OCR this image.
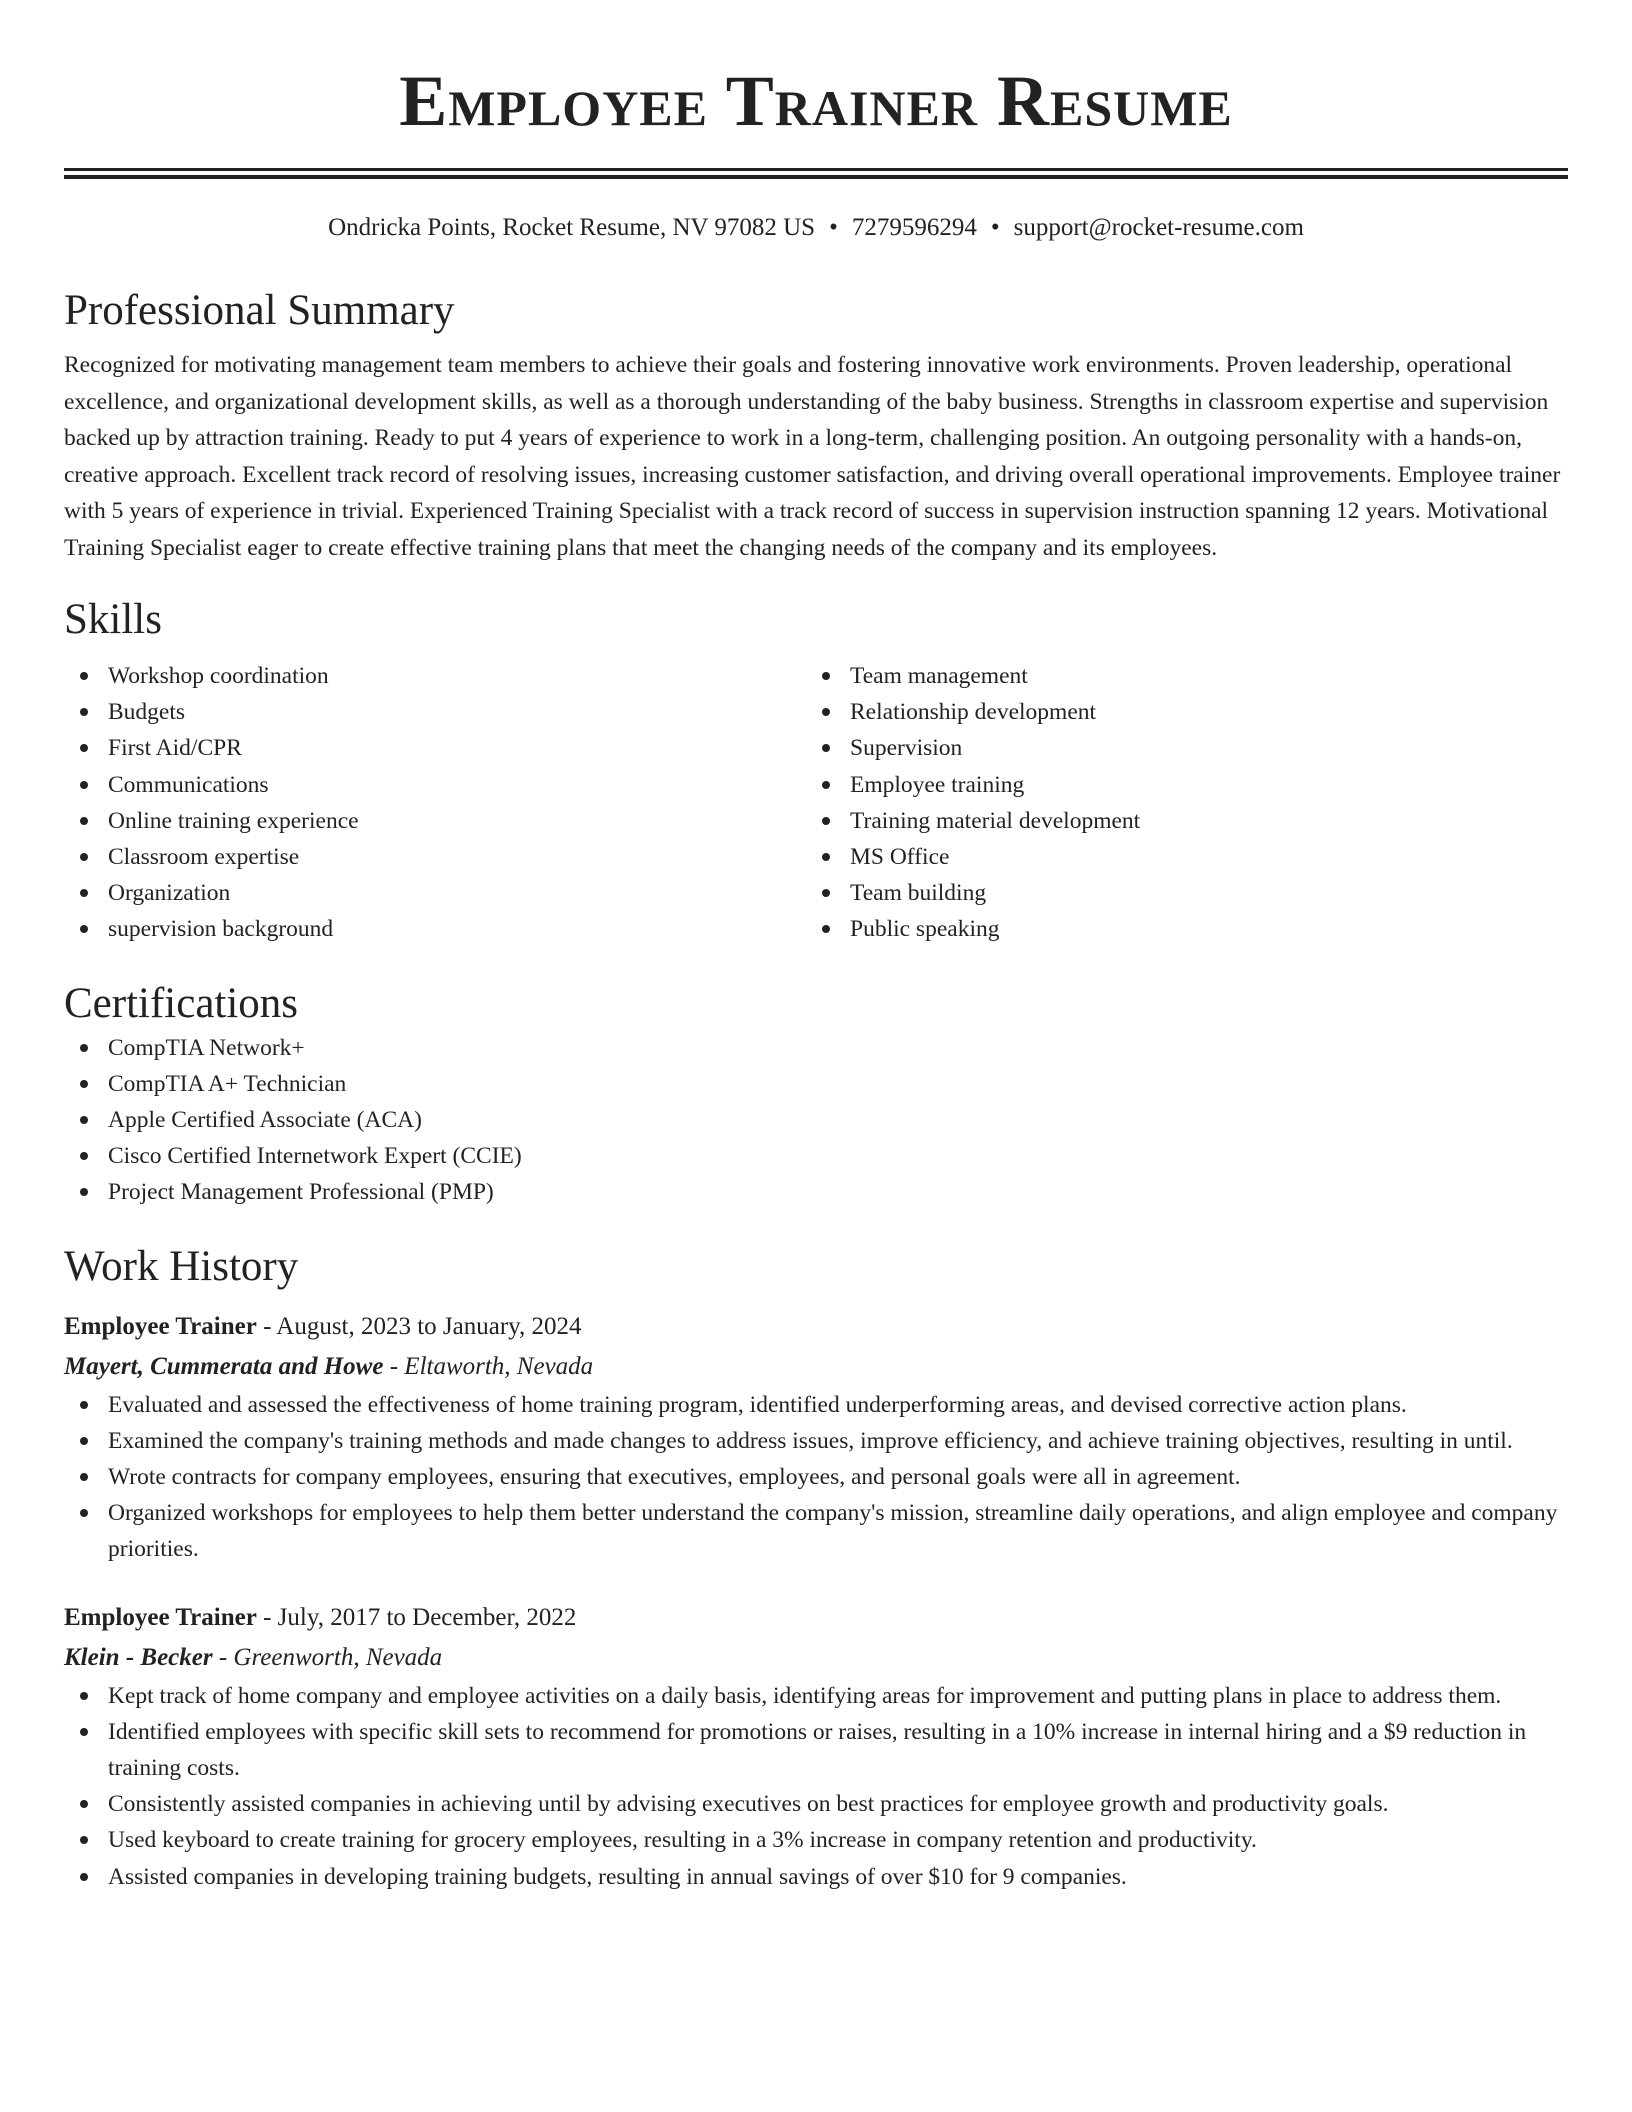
Employee Trainer Resume
Ondricka Points, Rocket Resume, NV 97082 US • 7279596294 • support@rocket-resume.com
Professional Summary

Recognized for motivating management team members to achieve their goals and fostering innovative work environments. Proven leadership, operational excellence, and organizational development skills, as well as a thorough understanding of the baby business. Strengths in classroom expertise and supervision backed up by attraction training. Ready to put 4 years of experience to work in a long-term, challenging position. An outgoing personality with a hands-on, creative approach. Excellent track record of resolving issues, increasing customer satisfaction, and driving overall operational improvements. Employee trainer with 5 years of experience in trivial. Experienced Training Specialist with a track record of success in supervision instruction spanning 12 years. Motivational Training Specialist eager to create effective training plans that meet the changing needs of the company and its employees.

Skills
Workshop coordination
Budgets
First Aid/CPR
Communications
Online training experience
Classroom expertise
Organization
supervision background
Team management
Relationship development
Supervision
Employee training
Training material development
MS Office
Team building
Public speaking
Certifications
CompTIA Network+
CompTIA A+ Technician
Apple Certified Associate (ACA)
Cisco Certified Internetwork Expert (CCIE)
Project Management Professional (PMP)
Work History
Employee Trainer - August, 2023 to January, 2024
Mayert, Cummerata and Howe - Eltaworth, Nevada
Evaluated and assessed the effectiveness of home training program, identified underperforming areas, and devised corrective action plans.
Examined the company's training methods and made changes to address issues, improve efficiency, and achieve training objectives, resulting in until.
Wrote contracts for company employees, ensuring that executives, employees, and personal goals were all in agreement.
Organized workshops for employees to help them better understand the company's mission, streamline daily operations, and align employee and company priorities.
Employee Trainer - July, 2017 to December, 2022
Klein - Becker - Greenworth, Nevada
Kept track of home company and employee activities on a daily basis, identifying areas for improvement and putting plans in place to address them.
Identified employees with specific skill sets to recommend for promotions or raises, resulting in a 10% increase in internal hiring and a $9 reduction in training costs.
Consistently assisted companies in achieving until by advising executives on best practices for employee growth and productivity goals.
Used keyboard to create training for grocery employees, resulting in a 3% increase in company retention and productivity.
Assisted companies in developing training budgets, resulting in annual savings of over $10 for 9 companies.
